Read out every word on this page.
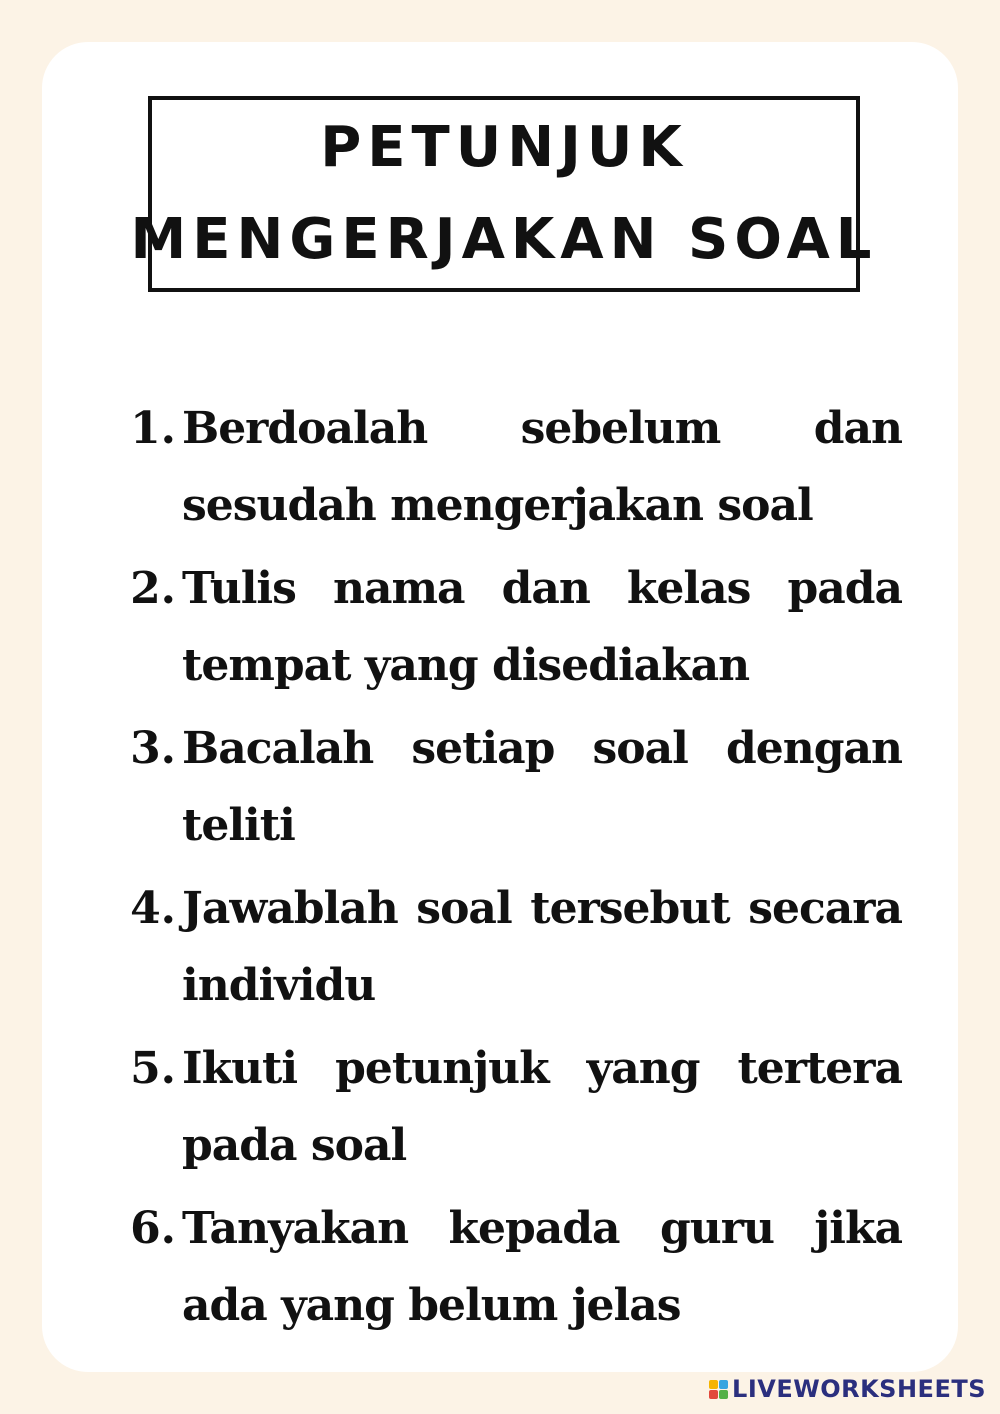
PETUNJUK
MENGERJAKAN SOAL
1. Berdoalah sebelum dan sesudah mengerjakan soal
2. Tulis nama dan kelas pada tempat yang disediakan
3. Bacalah setiap soal dengan teliti
4. Jawablah soal tersebut secara individu
5. Ikuti petunjuk yang tertera pada soal
6. Tanyakan kepada guru jika ada yang belum jelas
LIVEWORKSHEETS
